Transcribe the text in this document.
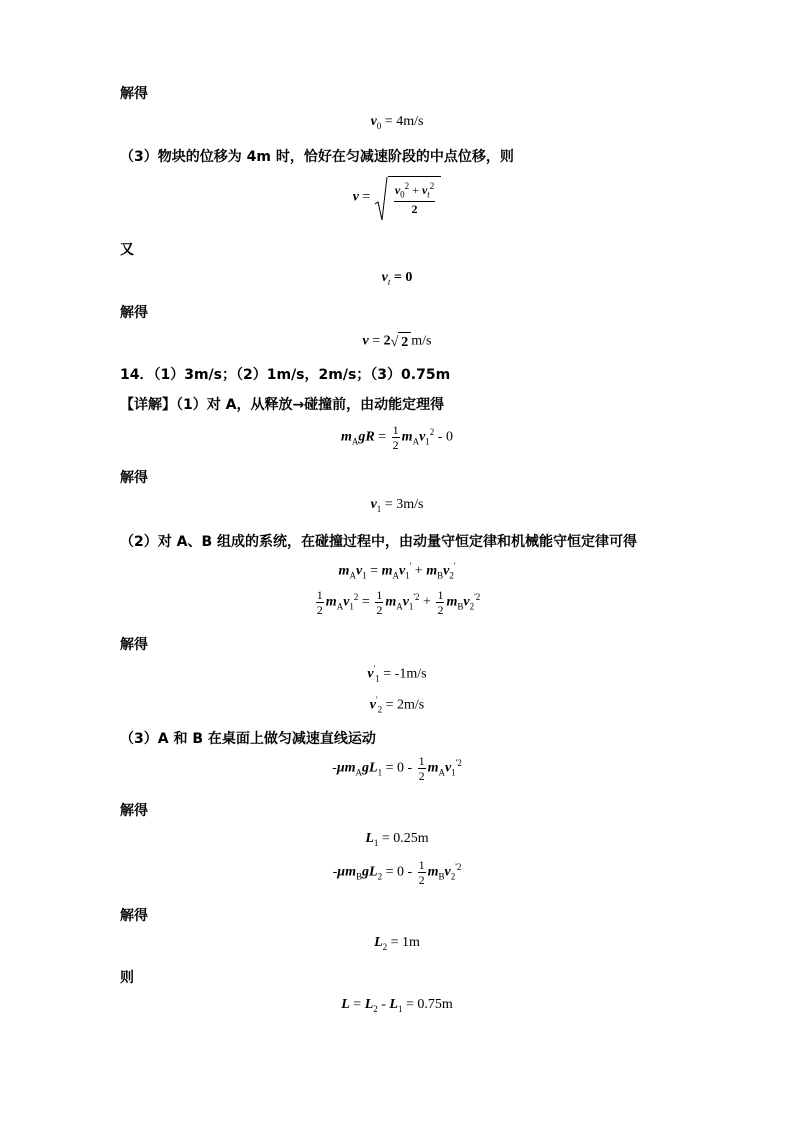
解得
$v_0 = 4m/s$
（3）物块的位移为 4m 时，恰好在匀减速阶段的中点位移，则
$v = \frac{v_0^2 + v_t^2}{2}$
又
$v_t = 0$
解得
v = 2√ 2 m/s
14．（1）3m/s；（2）1m/s，2m/s；（3）0.75m
【详解】（1）对 A，从释放→碰撞前，由动能定理得
$m_AgR = \frac{1}{2} m_Av_1^2 - 0$
解得
$v_1 = 3m/s$
（2）对 A、B 组成的系统，在碰撞过程中，由动量守恒定律和机械能守恒定律可得
$m_Av_1 = m_Av_1' + m_Bv_2'$
$\frac{1}{2} m_Av_1^2 = \frac{1}{2} m_Av_1^{'2} + \frac{1}{2} m_Bv_2^{'2}$
解得
$v'_1 = -1m/s$
$v'_2 = 2m/s$
（3）A 和 B 在桌面上做匀减速直线运动
$-\mu m_AgL_1 = 0 - \frac{1}{2} m_Av_1^{'2}$
解得
$L_1 = 0.25m$
$-\mu m_BgL_2 = 0 - \frac{1}{2} m_Bv_2^{'2}$
解得
$L_2 = 1m$
则
$L = L_2 - L_1 = 0.75m$
